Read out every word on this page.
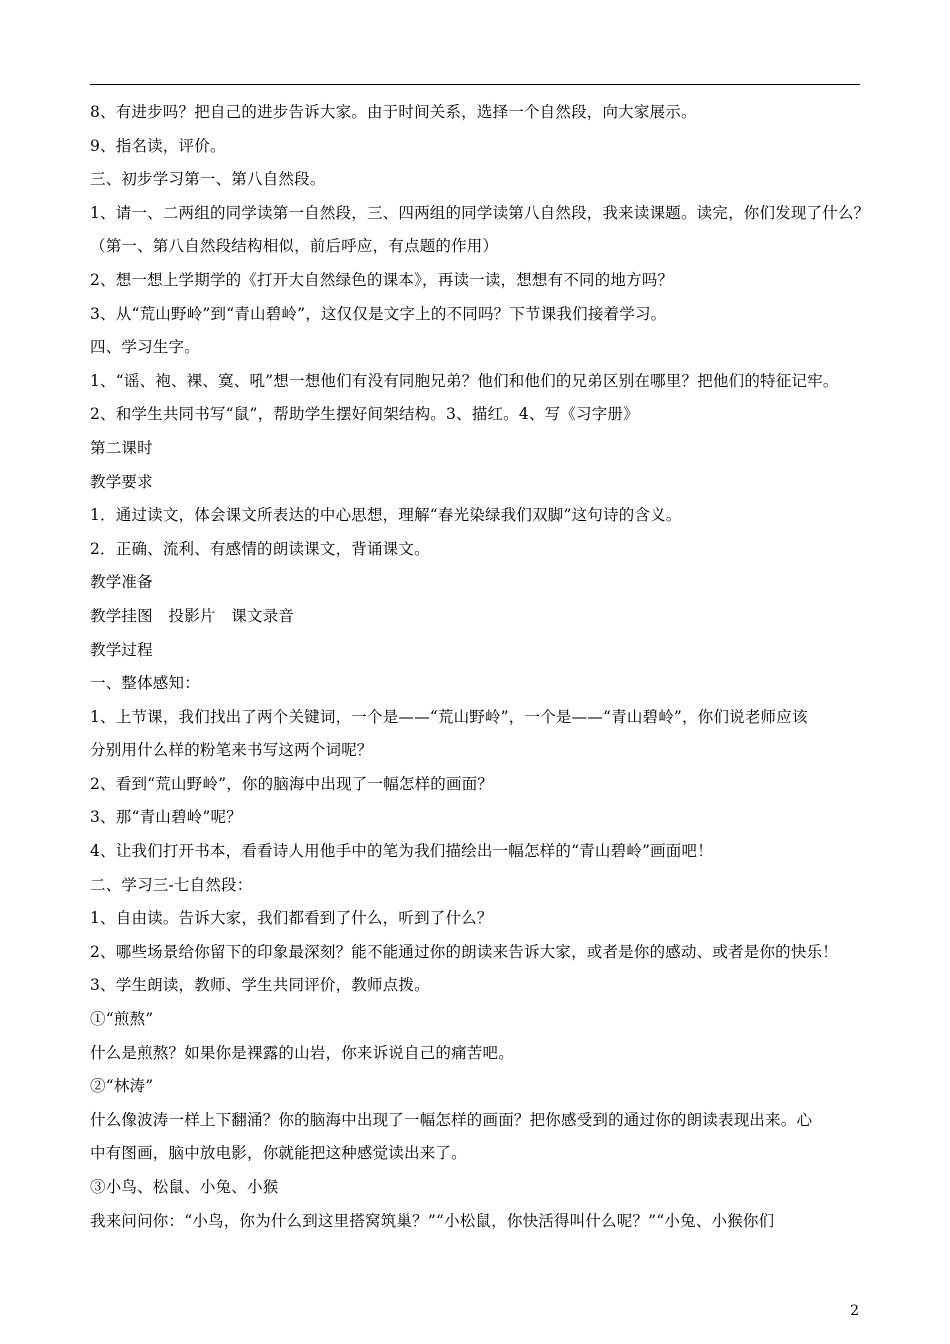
8、有进步吗？把自己的进步告诉大家。由于时间关系，选择一个自然段，向大家展示。
9、指名读，评价。
三、初步学习第一、第八自然段。
1、请一、二两组的同学读第一自然段，三、四两组的同学读第八自然段，我来读课题。读完，你们发现了什么？
（第一、第八自然段结构相似，前后呼应，有点题的作用）
2、想一想上学期学的《打开大自然绿色的课本》，再读一读，想想有不同的地方吗？
3、从“荒山野岭”到“青山碧岭”，这仅仅是文字上的不同吗？下节课我们接着学习。
四、学习生字。
1、“谣、袍、裸、寞、吼”想一想他们有没有同胞兄弟？他们和他们的兄弟区别在哪里？把他们的特征记牢。
2、和学生共同书写“鼠”，帮助学生摆好间架结构。3、描红。4、写《习字册》
第二课时
教学要求
1．通过读文，体会课文所表达的中心思想，理解“春光染绿我们双脚”这句诗的含义。
2．正确、流利、有感情的朗读课文，背诵课文。
教学准备
教学挂图　投影片　课文录音
教学过程
一、整体感知：
1、上节课，我们找出了两个关键词，一个是——“荒山野岭”，一个是——“青山碧岭”，你们说老师应该
分别用什么样的粉笔来书写这两个词呢？
2、看到“荒山野岭”，你的脑海中出现了一幅怎样的画面？
3、那“青山碧岭”呢？
4、让我们打开书本，看看诗人用他手中的笔为我们描绘出一幅怎样的“青山碧岭”画面吧！
二、学习三-七自然段：
1、自由读。告诉大家，我们都看到了什么，听到了什么？
2、哪些场景给你留下的印象最深刻？能不能通过你的朗读来告诉大家，或者是你的感动、或者是你的快乐！
3、学生朗读，教师、学生共同评价，教师点拨。
①“煎熬”
什么是煎熬？如果你是裸露的山岩，你来诉说自己的痛苦吧。
②“林涛”
什么像波涛一样上下翻涌？你的脑海中出现了一幅怎样的画面？把你感受到的通过你的朗读表现出来。心
中有图画，脑中放电影，你就能把这种感觉读出来了。
③小鸟、松鼠、小兔、小猴
我来问问你：“小鸟，你为什么到这里搭窝筑巢？”“小松鼠，你快活得叫什么呢？”“小兔、小猴你们
2
